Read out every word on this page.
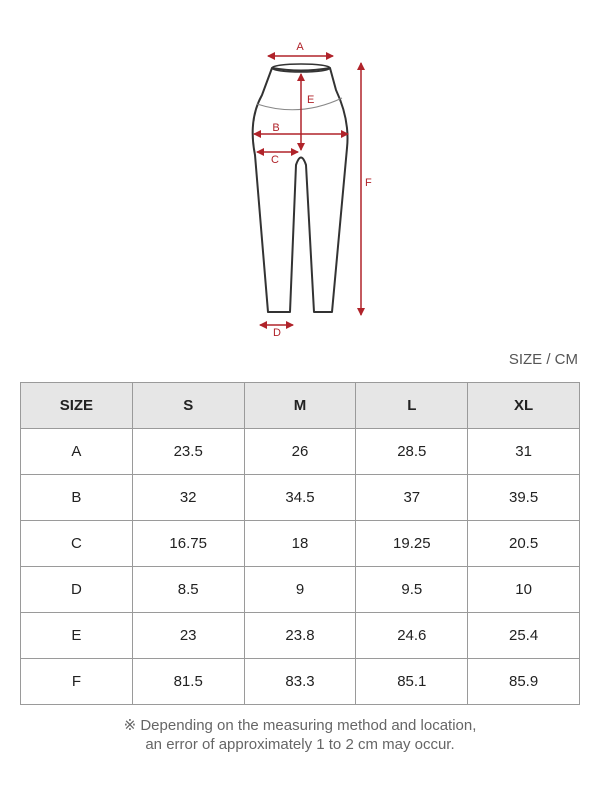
A
E
B
C
D
F
SIZE / CM
SIZE	S	M	L	XL
A	23.5	26	28.5	31
B	32	34.5	37	39.5
C	16.75	18	19.25	20.5
D	8.5	9	9.5	10
E	23	23.8	24.6	25.4
F	81.5	83.3	85.1	85.9
※ Depending on the measuring method and location,
an error of approximately 1 to 2 cm may occur.
